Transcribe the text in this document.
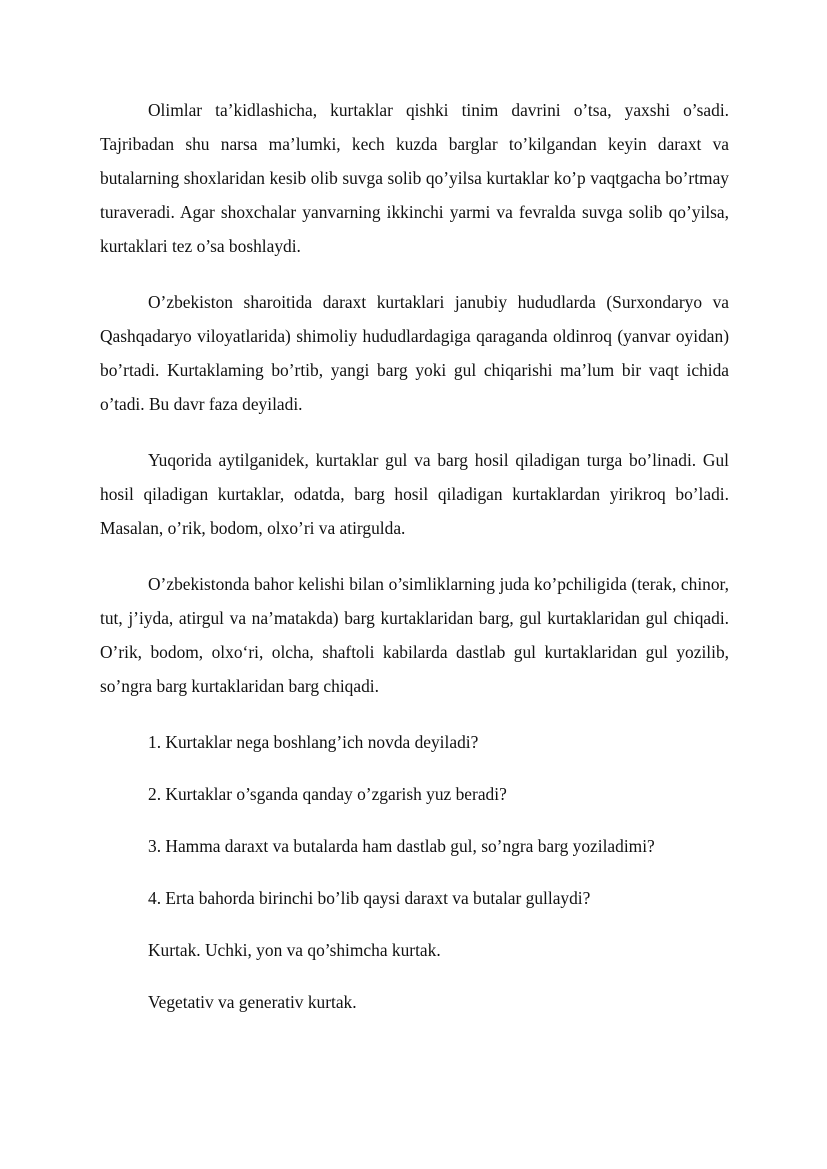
Olimlar ta’kidlashicha, kurtaklar qishki tinim davrini o’tsa, yaxshi o’sadi. Tajribadan shu narsa ma’lumki, kech kuzda barglar to’kilgandan keyin daraxt va butalarning shoxlaridan kesib olib suvga solib qo’yilsa kurtaklar ko’p vaqtgacha bo’rtmay turaveradi. Agar shoxchalar yanvarning ikkinchi yarmi va fevralda suvga solib qo’yilsa, kurtaklari tez o’sa boshlaydi.

O’zbekiston sharoitida daraxt kurtaklari janubiy hududlarda (Surxondaryo va Qashqadaryo viloyatlarida) shimoliy hududlardagiga qaraganda oldinroq (yanvar oyidan) bo’rtadi. Kurtaklaming bo’rtib, yangi barg yoki gul chiqarishi ma’lum bir vaqt ichida o’tadi. Bu davr faza deyiladi.

Yuqorida aytilganidek, kurtaklar gul va barg hosil qiladigan turga bo’linadi. Gul hosil qiladigan kurtaklar, odatda, barg hosil qiladigan kurtaklardan yirikroq bo’ladi. Masalan, o’rik, bodom, olxo’ri va atirgulda.

O’zbekistonda bahor kelishi bilan o’simliklarning juda ko’pchiligida (terak, chinor, tut, j’iyda, atirgul va na’matakda) barg kurtaklaridan barg, gul kurtaklaridan gul chiqadi. O’rik, bodom, olxo‘ri, olcha, shaftoli kabilarda dastlab gul kurtaklaridan gul yozilib, so’ngra barg kurtaklaridan barg chiqadi.

1. Kurtaklar nega boshlang’ich novda deyiladi?

2. Kurtaklar o’sganda qanday o’zgarish yuz beradi?

3. Hamma daraxt va butalarda ham dastlab gul, so’ngra barg yoziladimi?

4. Erta bahorda birinchi bo’lib qaysi daraxt va butalar gullaydi?

Kurtak. Uchki, yon va qo’shimcha kurtak.

Vegetativ va generativ kurtak.
